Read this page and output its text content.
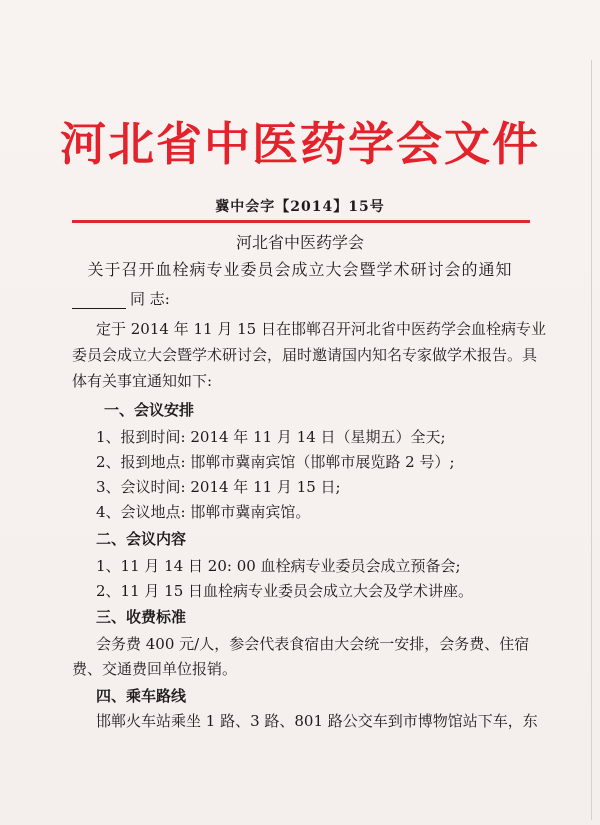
河北省中医药学会文件
冀中会字【2014】15号
河北省中医药学会
关于召开血栓病专业委员会成立大会暨学术研讨会的通知
同 志:
定于 2014 年 11 月 15 日在邯郸召开河北省中医药学会血栓病专业
委员会成立大会暨学术研讨会，届时邀请国内知名专家做学术报告。具
体有关事宜通知如下:
一、会议安排
1、报到时间: 2014 年 11 月 14 日（星期五）全天;
2、报到地点: 邯郸市冀南宾馆（邯郸市展览路 2 号）;
3、会议时间: 2014 年 11 月 15 日;
4、会议地点: 邯郸市冀南宾馆。
二、会议内容
1、11 月 14 日 20: 00 血栓病专业委员会成立预备会;
2、11 月 15 日血栓病专业委员会成立大会及学术讲座。
三、收费标准
会务费 400 元/人，参会代表食宿由大会统一安排，会务费、住宿
费、交通费回单位报销。
四、乘车路线
邯郸火车站乘坐 1 路、3 路、801 路公交车到市博物馆站下车，东
